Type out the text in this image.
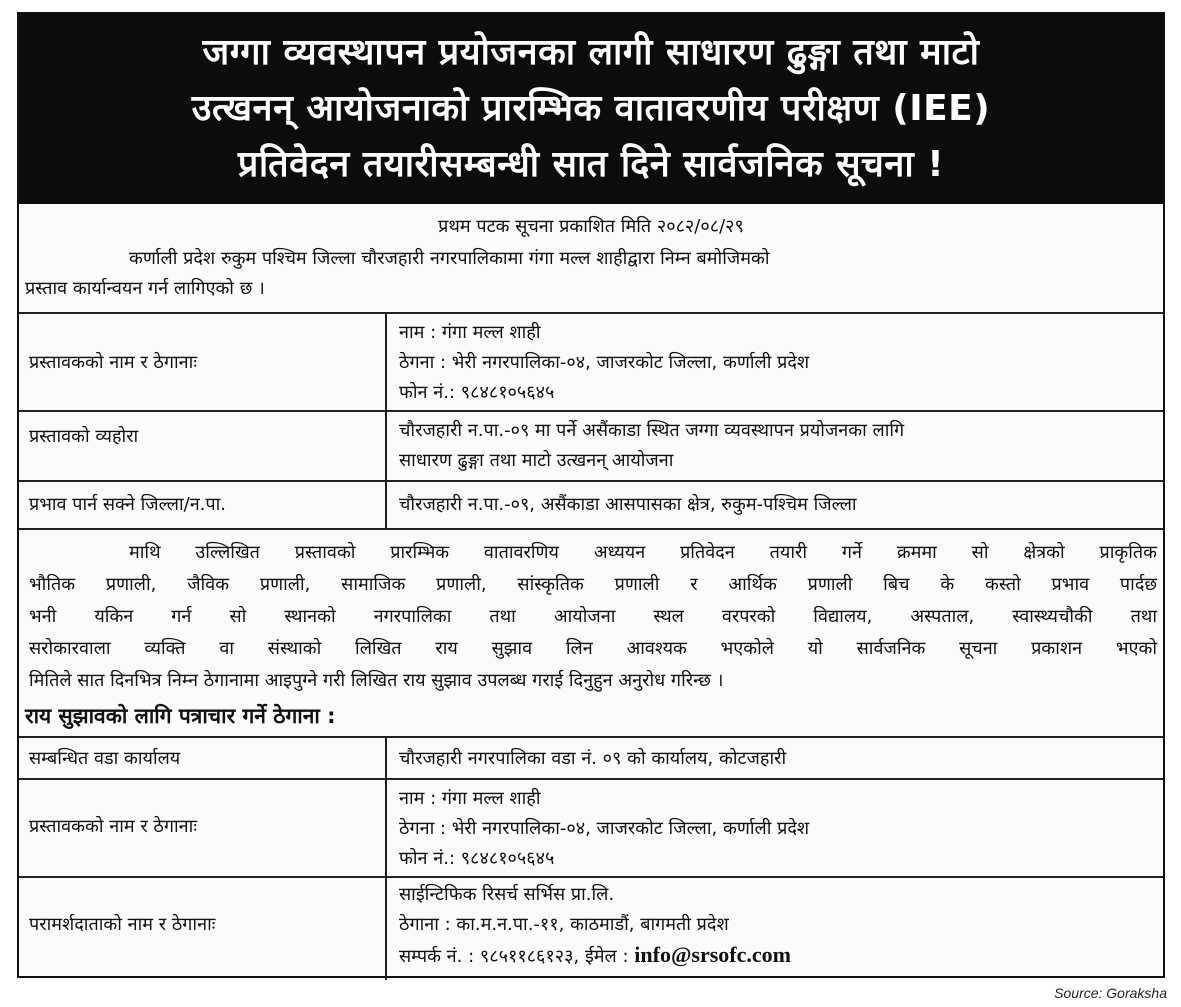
जग्गा व्यवस्थापन प्रयोजनका लागी साधारण ढुङ्गा तथा माटो
उत्खनन् आयोजनाको प्रारम्भिक वातावरणीय परीक्षण (IEE)
प्रतिवेदन तयारीसम्बन्धी सात दिने सार्वजनिक सूचना !
प्रथम पटक सूचना प्रकाशित मिति २०८२/०८/२९
कर्णाली प्रदेश रुकुम पश्चिम जिल्ला चौरजहारी नगरपालिकामा गंगा मल्ल शाहीद्वारा निम्न बमोजिमको
प्रस्ताव कार्यान्वयन गर्न लागिएको छ ।
प्रस्तावकको नाम र ठेगानाः
नाम : गंगा मल्ल शाही
ठेगना : भेरी नगरपालिका-०४, जाजरकोट जिल्ला, कर्णाली प्रदेश
फोन नं.: ९८४८१०५६४५
प्रस्तावको व्यहोरा	चौरजहारी न.पा.-०९ मा पर्ने असैंकाडा स्थित जग्गा व्यवस्थापन प्रयोजनका लागि
साधारण ढुङ्गा तथा माटो उत्खनन् आयोजना
प्रभाव पार्न सक्ने जिल्ला/न.पा.	चौरजहारी न.पा.-०९, असैंकाडा आसपासका क्षेत्र, रुकुम-पश्चिम जिल्ला
माथि उल्लिखित प्रस्तावको प्रारम्भिक वातावरणिय अध्ययन प्रतिवेदन तयारी गर्ने क्रममा सो क्षेत्रको प्राकृतिक
भौतिक प्रणाली, जैविक प्रणाली, सामाजिक प्रणाली, सांस्कृतिक प्रणाली र आर्थिक प्रणाली बिच के कस्तो प्रभाव पार्दछ
भनी यकिन गर्न सो स्थानको नगरपालिका तथा आयोजना स्थल वरपरको विद्यालय, अस्पताल, स्वास्थ्यचौकी तथा
सरोकारवाला व्यक्ति वा संस्थाको लिखित राय सुझाव लिन आवश्यक भएकोले यो सार्वजनिक सूचना प्रकाशन भएको
मितिले सात दिनभित्र निम्न ठेगानामा आइपुग्ने गरी लिखित राय सुझाव उपलब्ध गराई दिनुहुन अनुरोध गरिन्छ ।
राय सुझावको लागि पत्राचार गर्ने ठेगाना :
सम्बन्धित वडा कार्यालय	चौरजहारी नगरपालिका वडा नं. ०९ को कार्यालय, कोटजहारी
प्रस्तावकको नाम र ठेगानाः
नाम : गंगा मल्ल शाही
ठेगना : भेरी नगरपालिका-०४, जाजरकोट जिल्ला, कर्णाली प्रदेश
फोन नं.: ९८४८१०५६४५
परामर्शदाताको नाम र ठेगानाः
साईन्टिफिक रिसर्च सर्भिस प्रा.लि.
ठेगाना : का.म.न.पा.-११, काठमाडौं, बागमती प्रदेश
सम्पर्क नं. : ९८५११८६१२३, ईमेल : info@srsofc.com
Source: Goraksha
